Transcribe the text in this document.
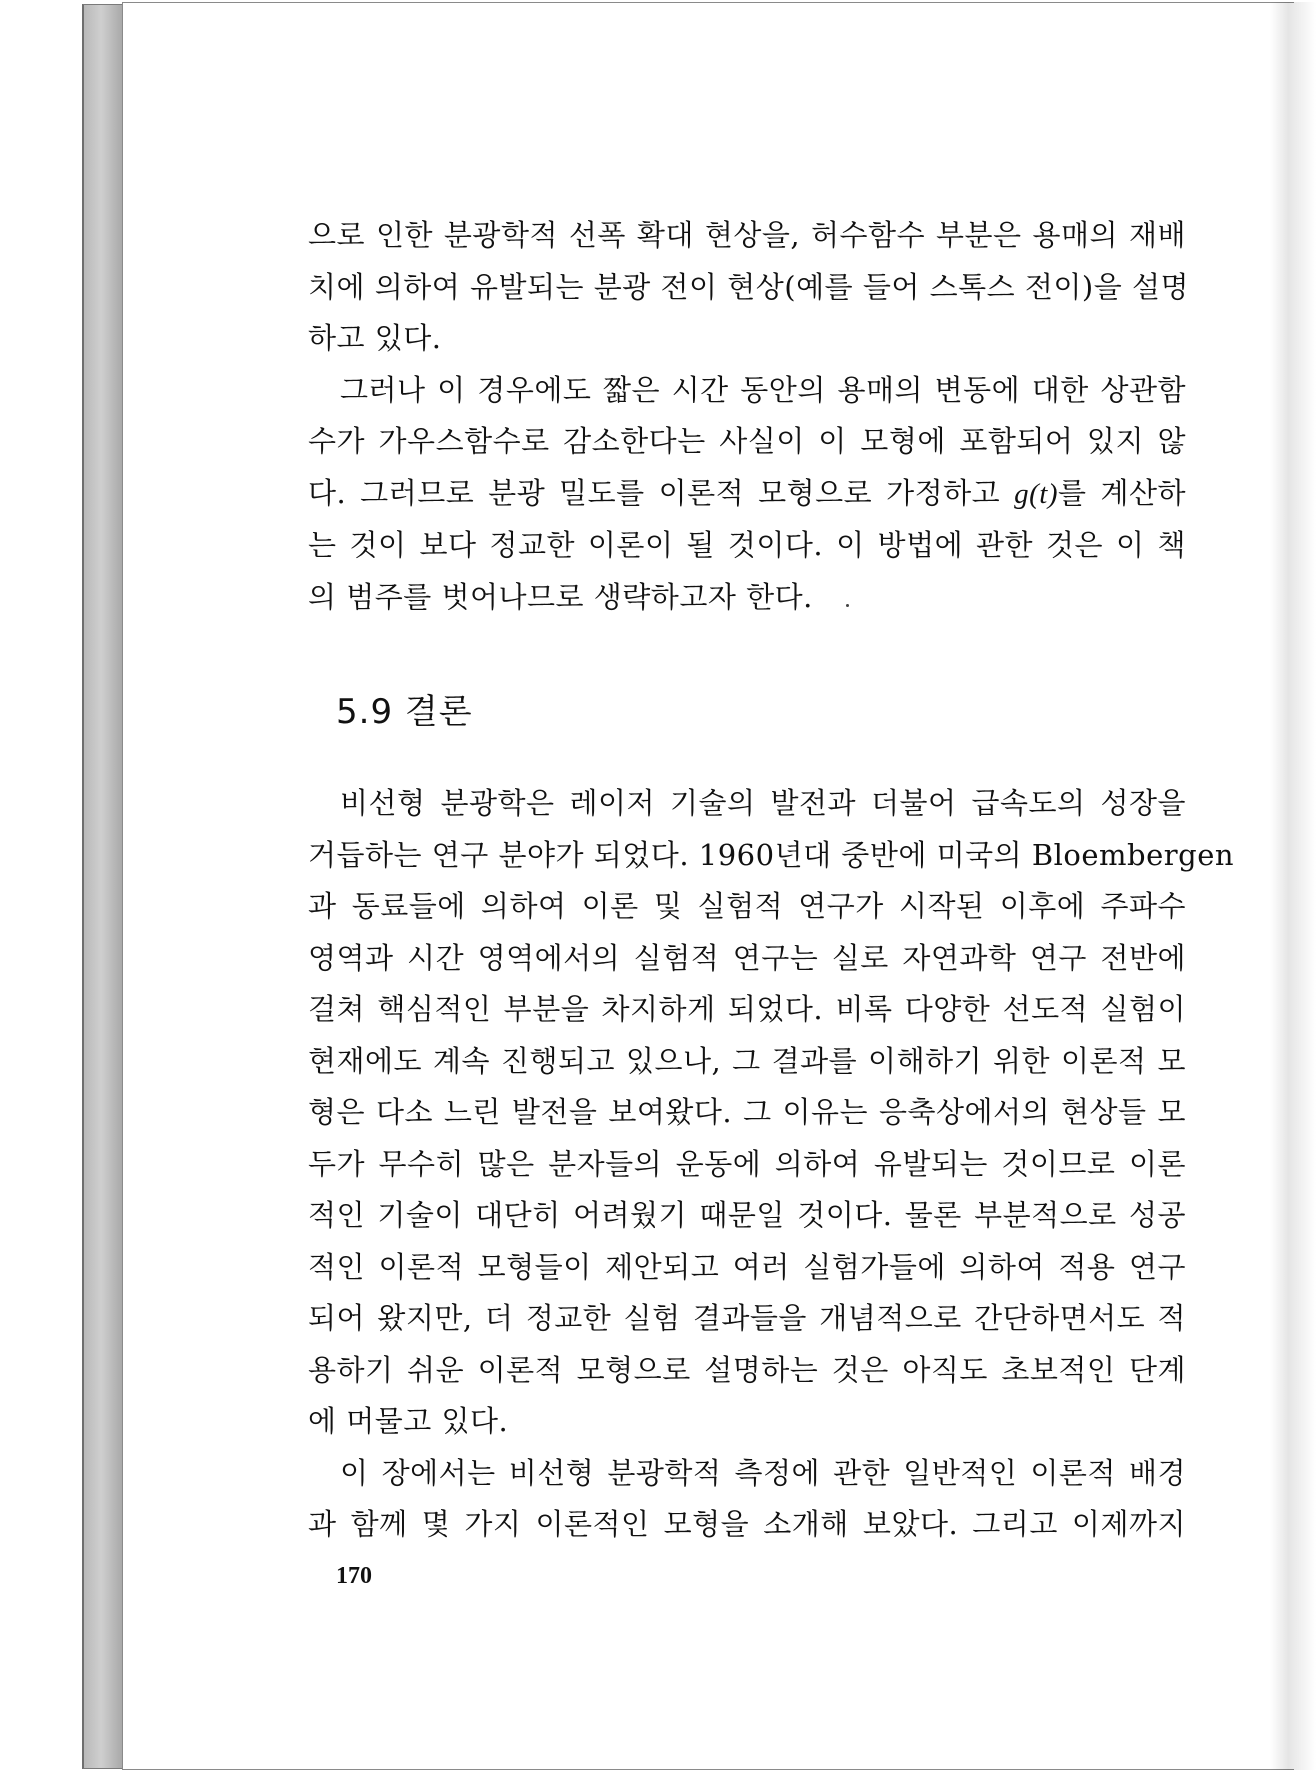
으로 인한 분광학적 선폭 확대 현상을, 허수함수 부분은 용매의 재배
치에 의하여 유발되는 분광 전이 현상(예를 들어 스톡스 전이)을 설명
하고 있다.
그러나 이 경우에도 짧은 시간 동안의 용매의 변동에 대한 상관함
수가 가우스함수로 감소한다는 사실이 이 모형에 포함되어 있지 않
다. 그러므로 분광 밀도를 이론적 모형으로 가정하고 g(t)를 계산하
는 것이 보다 정교한 이론이 될 것이다. 이 방법에 관한 것은 이 책
의 범주를 벗어나므로 생략하고자 한다.
5.9 결론
비선형 분광학은 레이저 기술의 발전과 더불어 급속도의 성장을
거듭하는 연구 분야가 되었다. 1960년대 중반에 미국의 Bloembergen
과 동료들에 의하여 이론 및 실험적 연구가 시작된 이후에 주파수
영역과 시간 영역에서의 실험적 연구는 실로 자연과학 연구 전반에
걸쳐 핵심적인 부분을 차지하게 되었다. 비록 다양한 선도적 실험이
현재에도 계속 진행되고 있으나, 그 결과를 이해하기 위한 이론적 모
형은 다소 느린 발전을 보여왔다. 그 이유는 응축상에서의 현상들 모
두가 무수히 많은 분자들의 운동에 의하여 유발되는 것이므로 이론
적인 기술이 대단히 어려웠기 때문일 것이다. 물론 부분적으로 성공
적인 이론적 모형들이 제안되고 여러 실험가들에 의하여 적용 연구
되어 왔지만, 더 정교한 실험 결과들을 개념적으로 간단하면서도 적
용하기 쉬운 이론적 모형으로 설명하는 것은 아직도 초보적인 단계
에 머물고 있다.
이 장에서는 비선형 분광학적 측정에 관한 일반적인 이론적 배경
과 함께 몇 가지 이론적인 모형을 소개해 보았다. 그리고 이제까지
170
